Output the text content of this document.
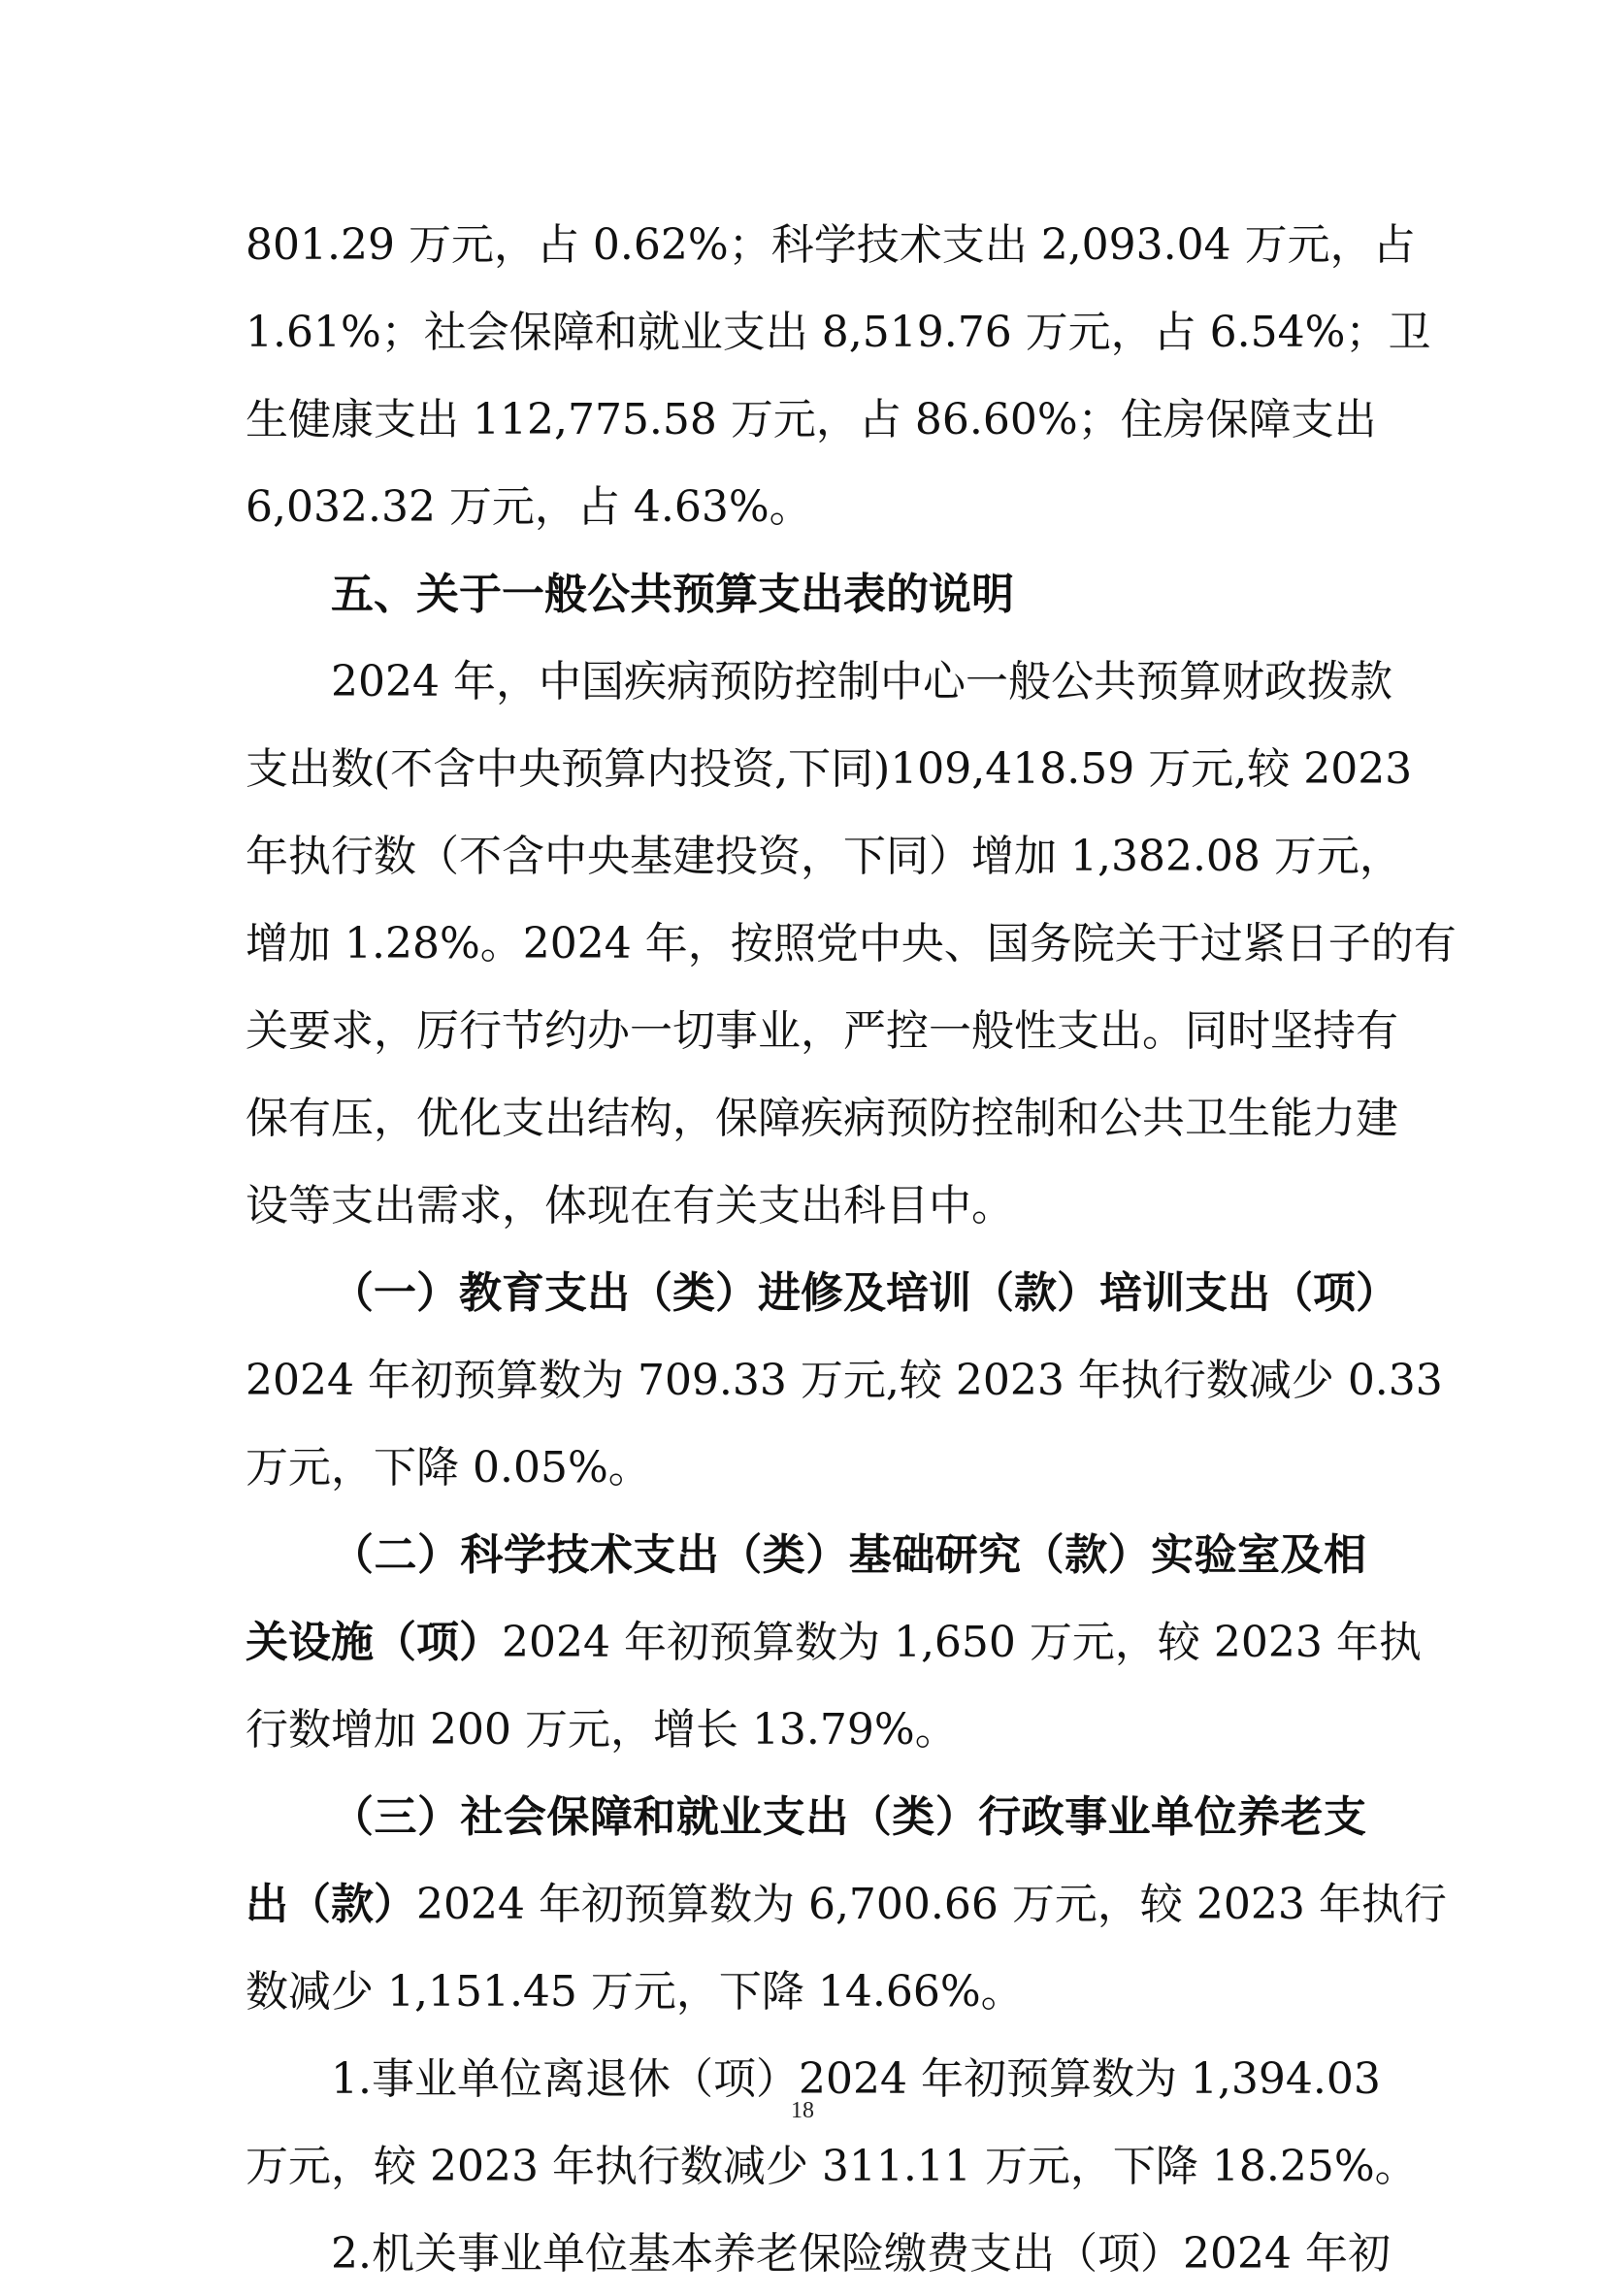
801.29 万元，占 0.62%；科学技术支出 2,093.04 万元，占
1.61%；社会保障和就业支出 8,519.76 万元，占 6.54%；卫
生健康支出 112,775.58 万元，占 86.60%；住房保障支出
6,032.32 万元，占 4.63%。
五、关于一般公共预算支出表的说明
2024 年，中国疾病预防控制中心一般公共预算财政拨款
支出数(不含中央预算内投资,下同)109,418.59 万元,较 2023
年执行数（不含中央基建投资，下同）增加 1,382.08 万元，
增加 1.28%。2024 年，按照党中央、国务院关于过紧日子的有
关要求，厉行节约办一切事业，严控一般性支出。同时坚持有
保有压，优化支出结构，保障疾病预防控制和公共卫生能力建
设等支出需求，体现在有关支出科目中。
（一）教育支出（类）进修及培训（款）培训支出（项）
2024 年初预算数为 709.33 万元,较 2023 年执行数减少 0.33
万元，下降 0.05%。
（二）科学技术支出（类）基础研究（款）实验室及相
关设施（项）2024 年初预算数为 1,650 万元，较 2023 年执
行数增加 200 万元，增长 13.79%。
（三）社会保障和就业支出（类）行政事业单位养老支
出（款）2024 年初预算数为 6,700.66 万元，较 2023 年执行
数减少 1,151.45 万元，下降 14.66%。
1.事业单位离退休（项）2024 年初预算数为 1,394.03
万元，较 2023 年执行数减少 311.11 万元，下降 18.25%。
2.机关事业单位基本养老保险缴费支出（项）2024 年初
18
